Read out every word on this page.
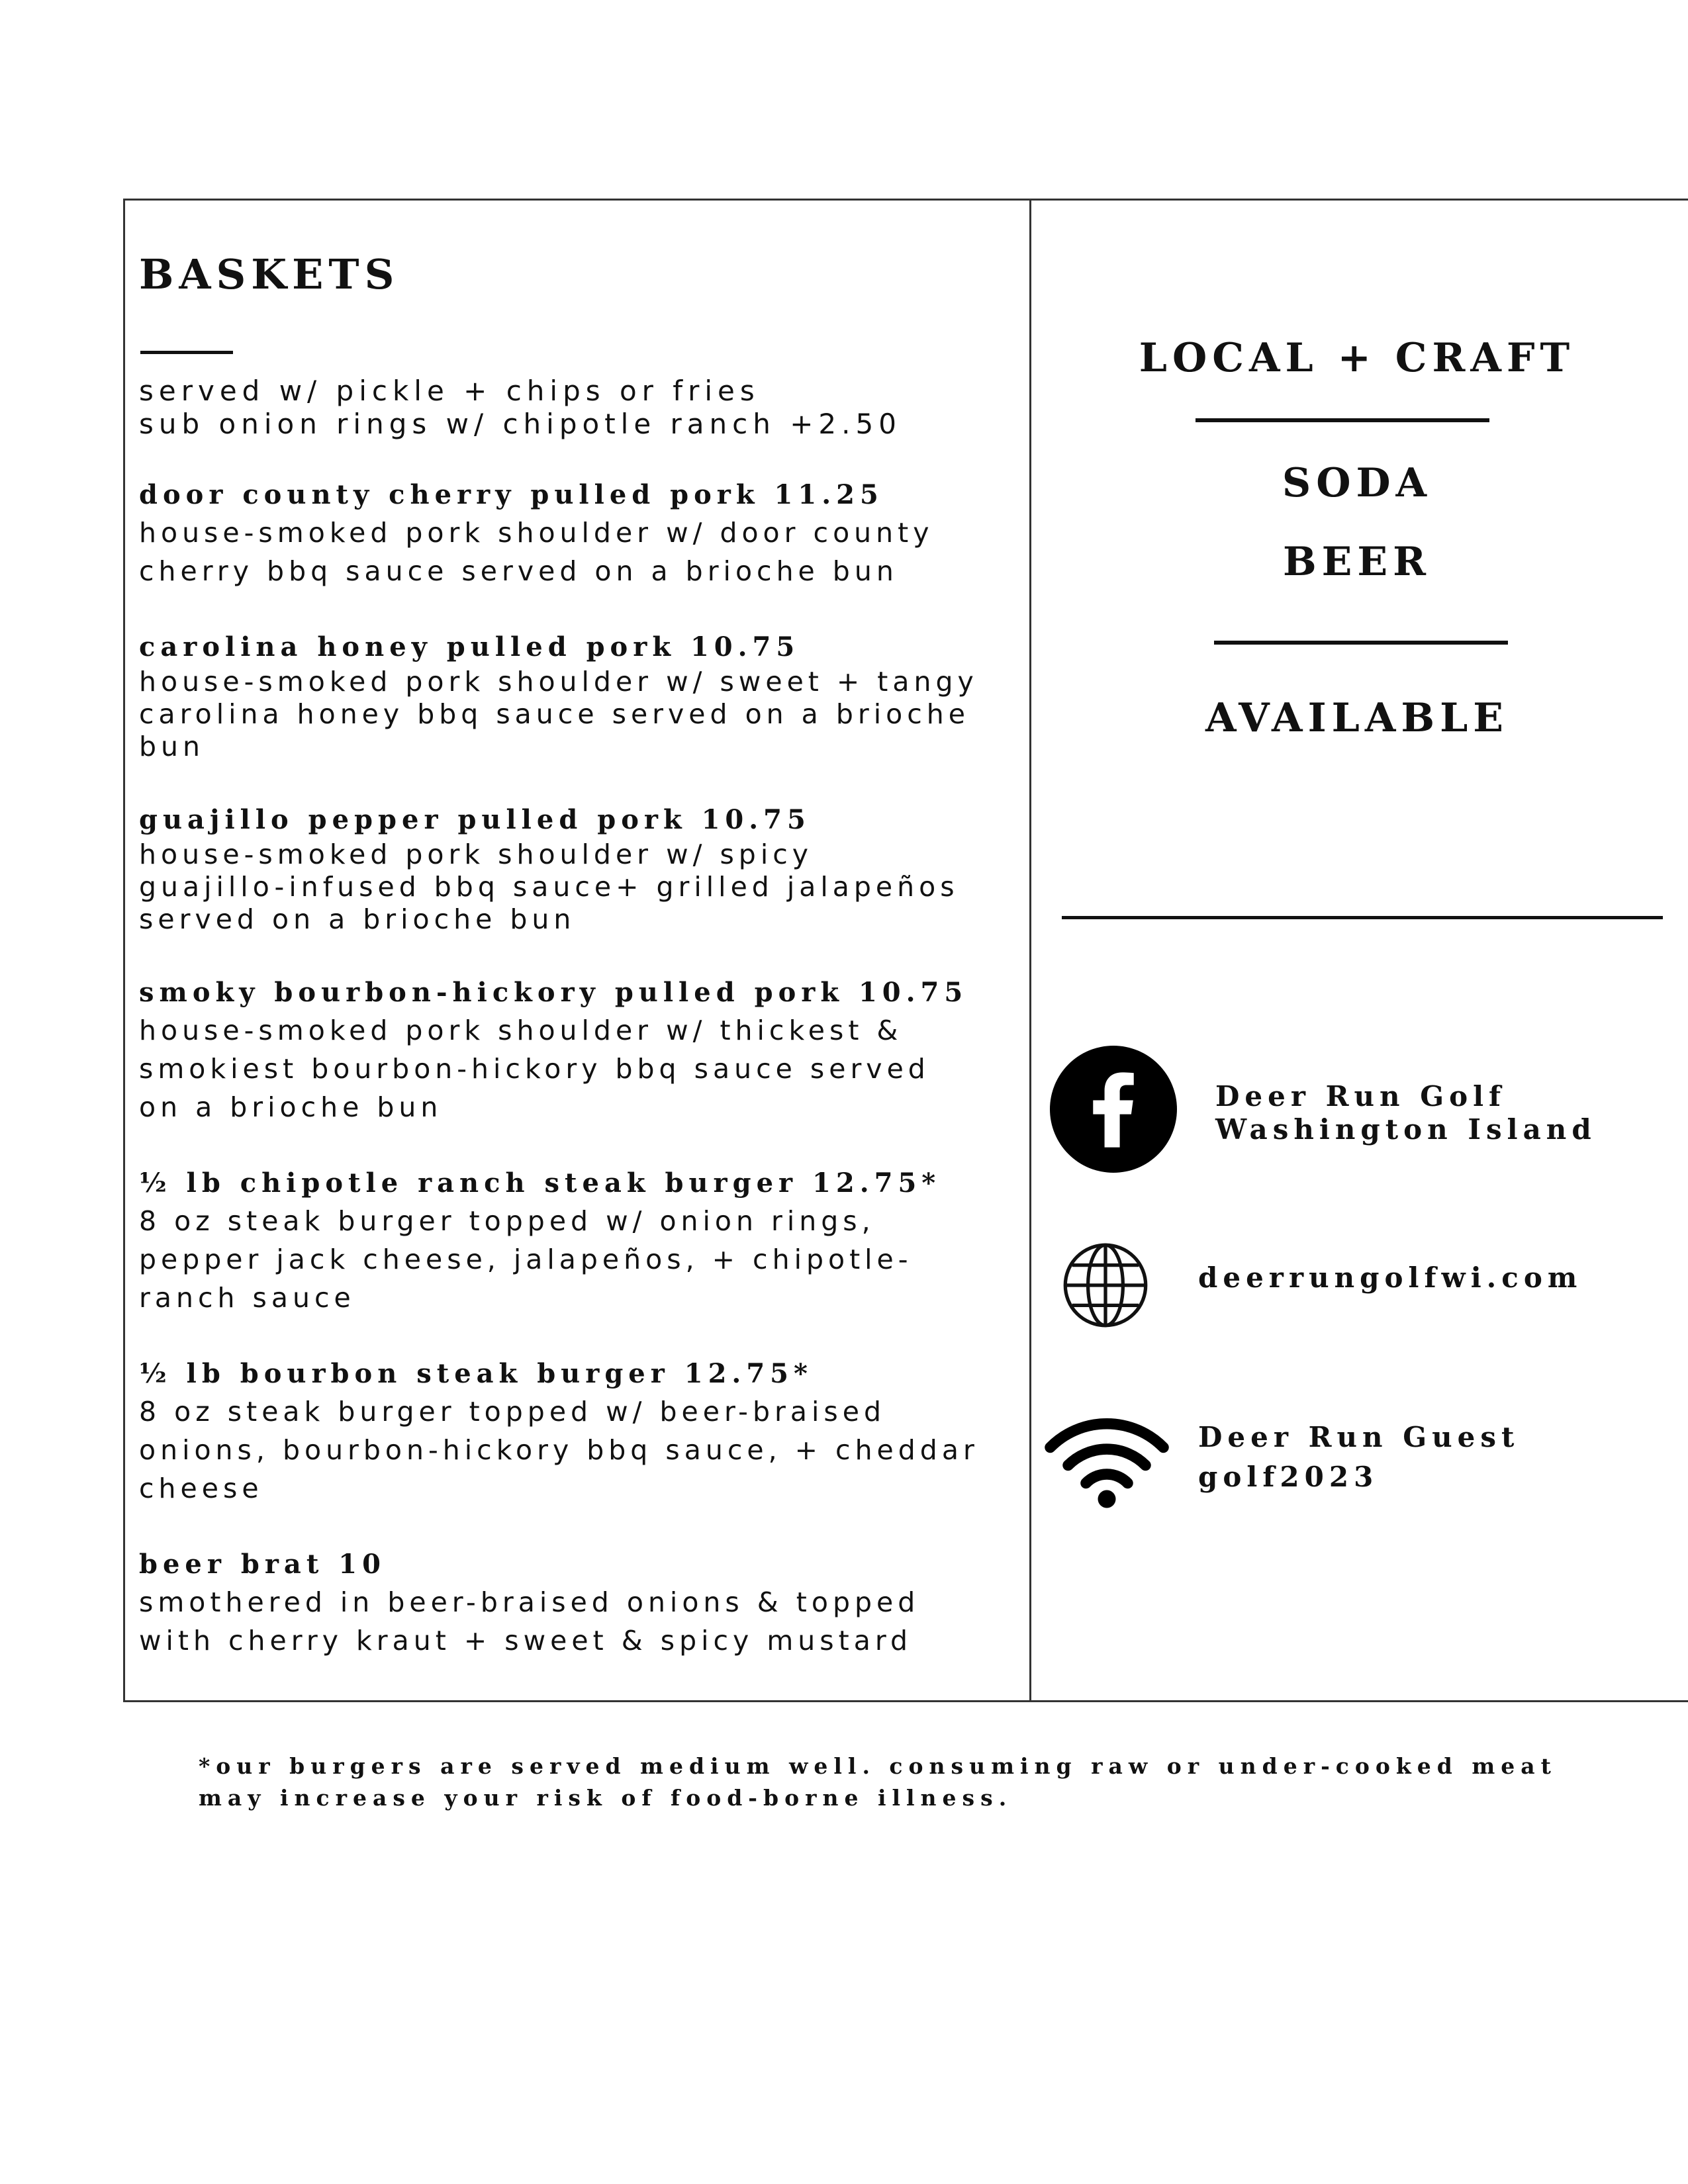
BASKETS
served w/ pickle + chips or fries
sub onion rings w/ chipotle ranch +2.50
door county cherry pulled pork 11.25
house-smoked pork shoulder w/ door county
cherry bbq sauce served on a brioche bun
carolina honey pulled pork 10.75
house-smoked pork shoulder w/ sweet + tangy
carolina honey bbq sauce served on a brioche
bun
guajillo pepper pulled pork 10.75
house-smoked pork shoulder w/ spicy
guajillo-infused bbq sauce+ grilled jalapeños
served on a brioche bun
smoky bourbon-hickory pulled pork 10.75
house-smoked pork shoulder w/ thickest &
smokiest bourbon-hickory bbq sauce served
on a brioche bun
½ lb chipotle ranch steak burger 12.75*
8 oz steak burger topped w/ onion rings,
pepper jack cheese, jalapeños, + chipotle-
ranch sauce
½ lb bourbon steak burger 12.75*
8 oz steak burger topped w/ beer-braised
onions, bourbon-hickory bbq sauce, + cheddar
cheese
beer brat 10
smothered in beer-braised onions & topped
with cherry kraut + sweet & spicy mustard
LOCAL + CRAFT
SODA
BEER
AVAILABLE
Deer Run Golf
Washington Island
deerrungolfwi.com
Deer Run Guest
golf2023
*our burgers are served medium well. consuming raw or under-cooked meat
may increase your risk of food-borne illness.
